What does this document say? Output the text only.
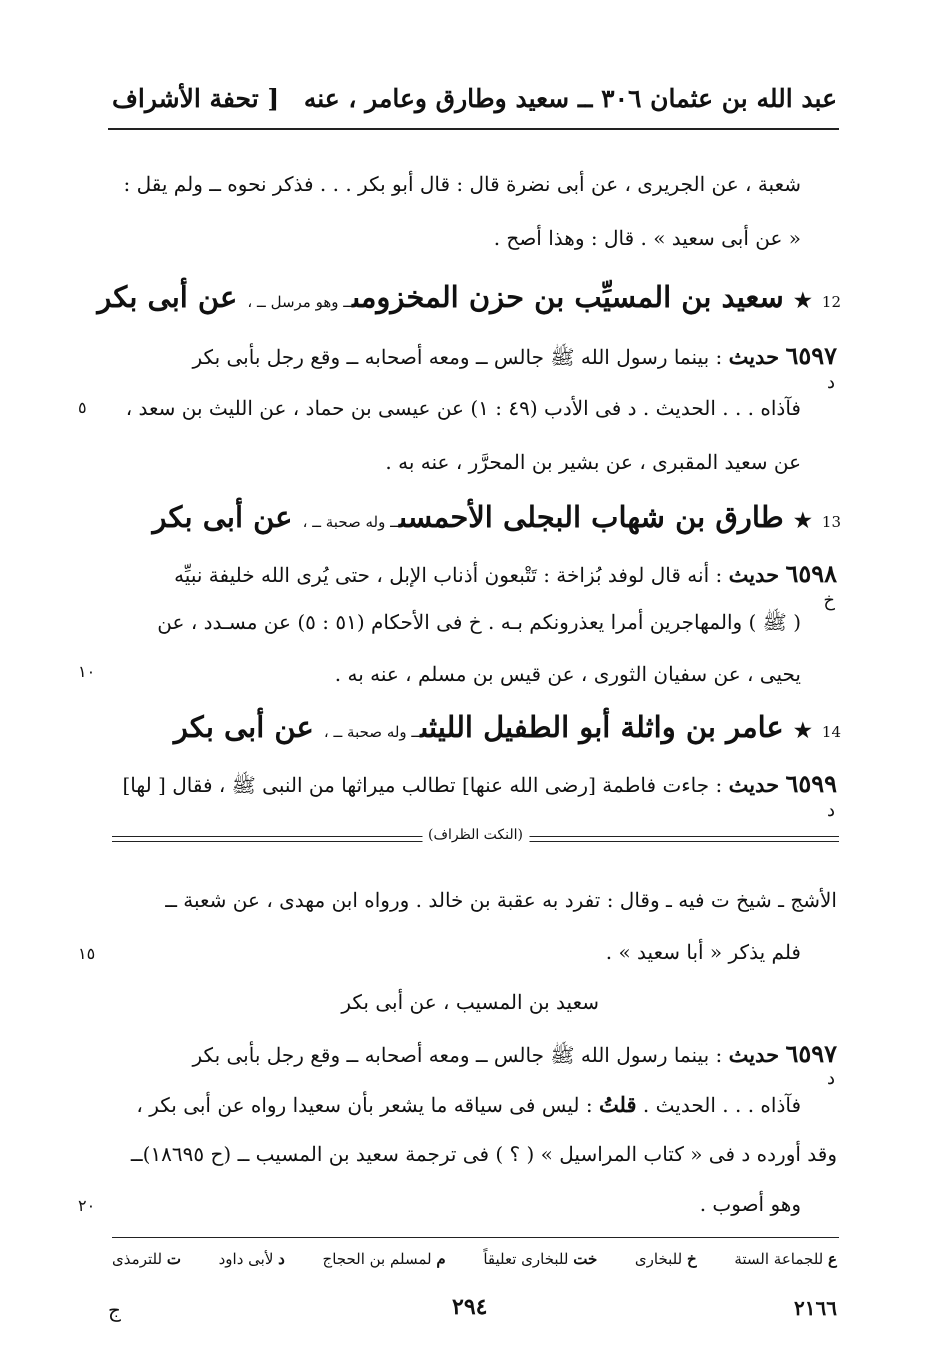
عبد الله بن عثمان ٣٠٦ ــ سعيد وطارق وعامر ، عنه
[ تحفة الأشراف
شعبة ، عن الجريرى ، عن أبى نضرة قال : قال أبو بكر . . . فذكر نحوه ــ ولم يقل :
« عن أبى سعيد » . قال : وهذا أصح .
12 ★ سعيد بن المسيِّب بن حزن المخزومىــ وهو مرسل ــ ، عن أبى بكر
٦٥٩٧ حديث : بينما رسول الله ﷺ جالس ــ ومعه أصحابه ــ وقع رجل بأبى بكر
د
فآذاه . . . الحديث . د فى الأدب (٤٩ : ١) عن عيسى بن حماد ، عن الليث بن سعد ،
٥
عن سعيد المقبرى ، عن بشير بن المحرَّر ، عنه به .
13 ★ طارق بن شهاب البجلى الأحمسىــ وله صحبة ــ ، عن أبى بكر
٦٥٩٨ حديث : أنه قال لوفد بُزاخة : تَتْبعون أذناب الإبل ، حتى يُرى الله خليفة نبيِّه
خ
( ﷺ ) والمهاجرين أمرا يعذرونكم بـه . خ فى الأحكام (٥١ : ٥) عن مسـدد ، عن
يحيى ، عن سفيان الثورى ، عن قيس بن مسلم ، عنه به .
١٠
14 ★ عامر بن واثلة أبو الطفيل الليثىــ وله صحبة ــ ، عن أبى بكر
٦٥٩٩ حديث : جاءت فاطمة [رضى الله عنها] تطالب ميراثها من النبى ﷺ ، فقال [ لها]
د
(النكت الظراف)
الأشج ـ شيخ ت فيه ـ وقال : تفرد به عقبة بن خالد . ورواه ابن مهدى ، عن شعبة ــ
فلم يذكر « أبا سعيد » .
١٥
سعيد بن المسيب ، عن أبى بكر
٦٥٩٧ حديث : بينما رسول الله ﷺ جالس ــ ومعه أصحابه ــ وقع رجل بأبى بكر
د
فآذاه . . . الحديث . قلتُ : ليس فى سياقه ما يشعر بأن سعيدا رواه عن أبى بكر ،
وقد أورده د فى « كتاب المراسيل » ( ؟ ) فى ترجمة سعيد بن المسيب ــ (ح ١٨٦٩٥)ــ
وهو أصوب .
٢٠
ع للجماعة الستة
خ للبخارى
خت للبخارى تعليقاً
م لمسلم بن الحجاج
د لأبى داود
ت للترمذى
٢١٦٦
٢٩٤
ج
